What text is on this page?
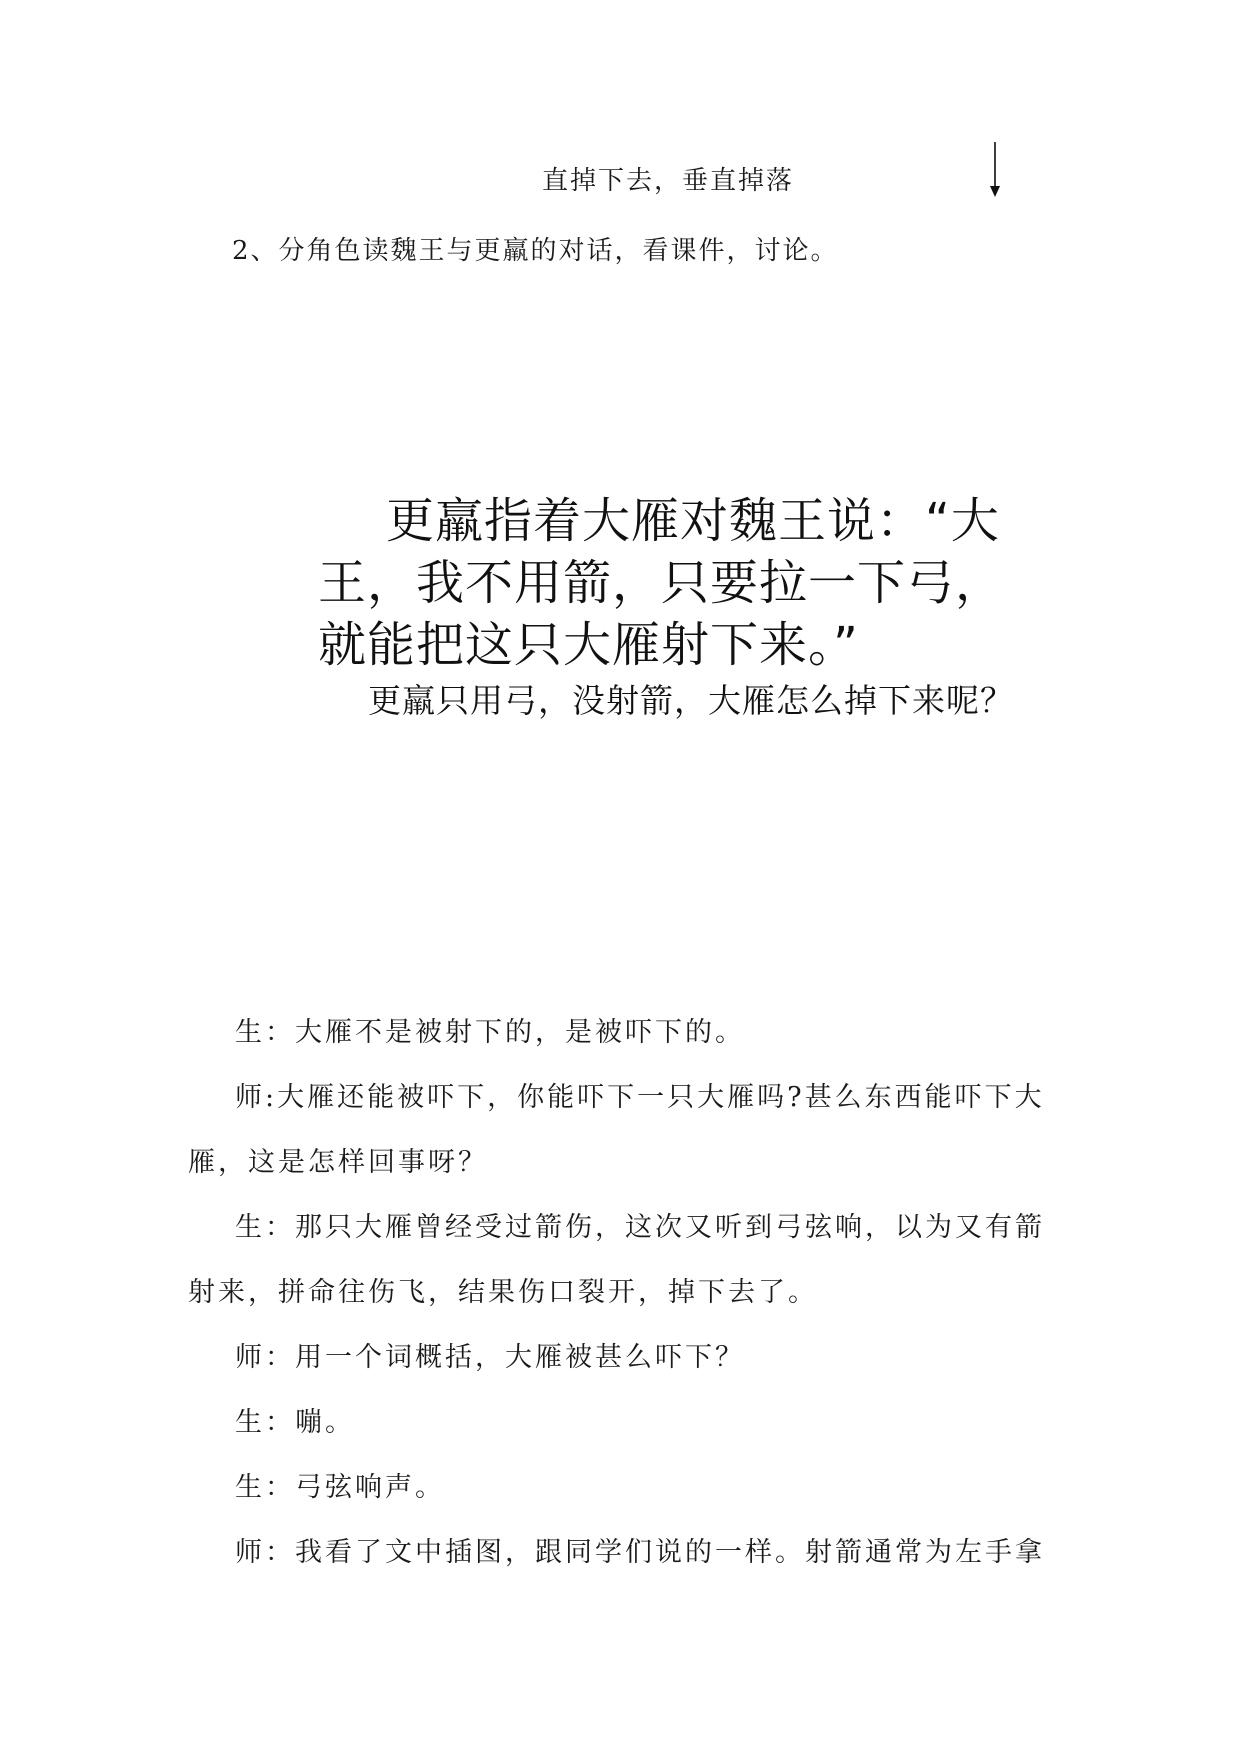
直掉下去，垂直掉落
2、分角色读魏王与更羸的对话，看课件，讨论。
更羸指着大雁对魏王说：“大王，我不用箭，只要拉一下弓，就能把这只大雁射下来。”
更羸只用弓，没射箭，大雁怎么掉下来呢？

生：大雁不是被射下的，是被吓下的。

师:大雁还能被吓下，你能吓下一只大雁吗?甚么东西能吓下大雁，这是怎样回事呀？

生：那只大雁曾经受过箭伤，这次又听到弓弦响，以为又有箭射来，拼命往伤飞，结果伤口裂开，掉下去了。

师：用一个词概括，大雁被甚么吓下？

生：嘣。

生：弓弦响声。

师：我看了文中插图，跟同学们说的一样。射箭通常为左手拿
